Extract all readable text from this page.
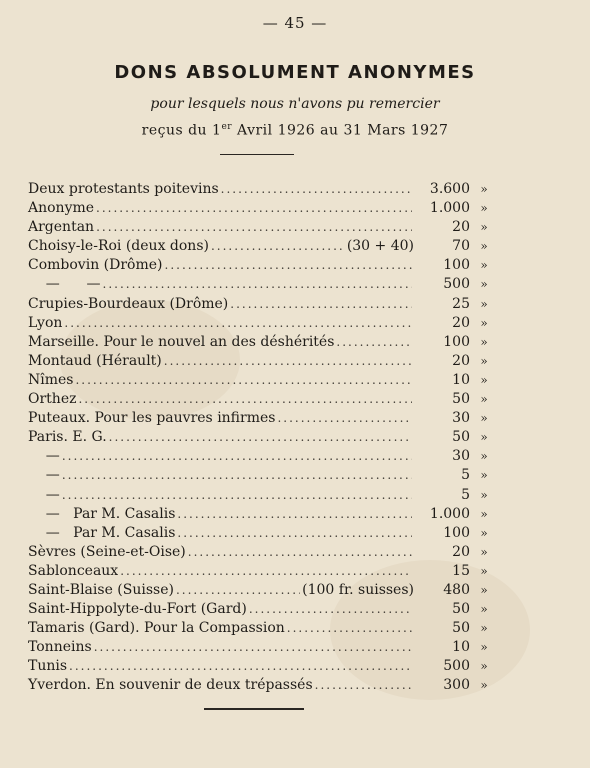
— 45 —
DONS ABSOLUMENT ANONYMES
pour lesquels nous n'avons pu remercier
reçus du 1er Avril 1926 au 31 Mars 1927
Deux protestants poitevins .....	3.600 »
Anonyme .....	1.000 »
Argentan .....	20 »
Choisy-le-Roi (deux dons) .....	(30 + 40)	70 »
Combovin (Drôme) .....	100 »
—      — .....	500 »
Crupies-Bourdeaux (Drôme) .....	25 »
Lyon .....	20 »
Marseille. Pour le nouvel an des déshérités .....	100 »
Montaud (Hérault) .....	20 »
Nîmes .....	10 »
Orthez .....	50 »
Puteaux. Pour les pauvres infirmes .....	30 »
Paris. E. G. .....	50 »
— .....	30 »
— .....	5 »
— .....	5 »
—   Par M. Casalis .....	1.000 »
—   Par M. Casalis .....	100 »
Sèvres (Seine-et-Oise) .....	20 »
Sablonceaux .....	15 »
Saint-Blaise (Suisse) .....	(100 fr. suisses)	480 »
Saint-Hippolyte-du-Fort (Gard) .....	50 »
Tamaris (Gard). Pour la Compassion .....	50 »
Tonneins .....	10 »
Tunis .....	500 »
Yverdon. En souvenir de deux trépassés .....	300 »
